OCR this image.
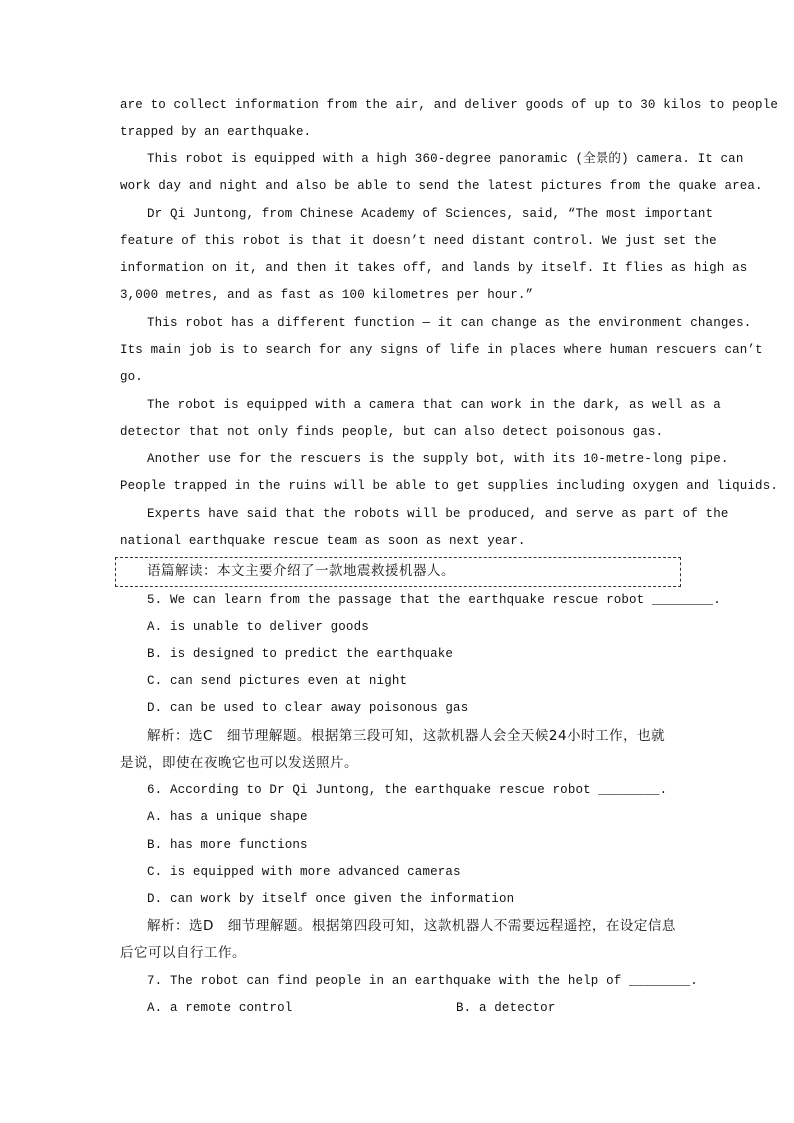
are to collect information from the air, and deliver goods of up to 30 kilos to people
trapped by an earthquake.
This robot is equipped with a high 360-degree panoramic (全景的) camera. It can
work day and night and also be able to send the latest pictures from the quake area.
Dr Qi Juntong, from Chinese Academy of Sciences, said, “The most important
feature of this robot is that it doesn’t need distant control. We just set the
information on it, and then it takes off, and lands by itself. It flies as high as
3,000 metres, and as fast as 100 kilometres per hour.”
This robot has a different function — it can change as the environment changes.
Its main job is to search for any signs of life in places where human rescuers can’t
go.
The robot is equipped with a camera that can work in the dark, as well as a
detector that not only finds people, but can also detect poisonous gas.
Another use for the rescuers is the supply bot, with its 10-metre-long pipe.
People trapped in the ruins will be able to get supplies including oxygen and liquids.
Experts have said that the robots will be produced, and serve as part of the
national earthquake rescue team as soon as next year.
语篇解读：本文主要介绍了一款地震救援机器人。
5. We can learn from the passage that the earthquake rescue robot ________.
A. is unable to deliver goods
B. is designed to predict the earthquake
C. can send pictures even at night
D. can be used to clear away poisonous gas
解析：选C　细节理解题。根据第三段可知，这款机器人会全天候24小时工作，也就
是说，即使在夜晚它也可以发送照片。
6. According to Dr Qi Juntong, the earthquake rescue robot ________.
A. has a unique shape
B. has more functions
C. is equipped with more advanced cameras
D. can work by itself once given the information
解析：选D　细节理解题。根据第四段可知，这款机器人不需要远程遥控，在设定信息
后它可以自行工作。
7. The robot can find people in an earthquake with the help of ________.
A. a remote control	B. a detector
